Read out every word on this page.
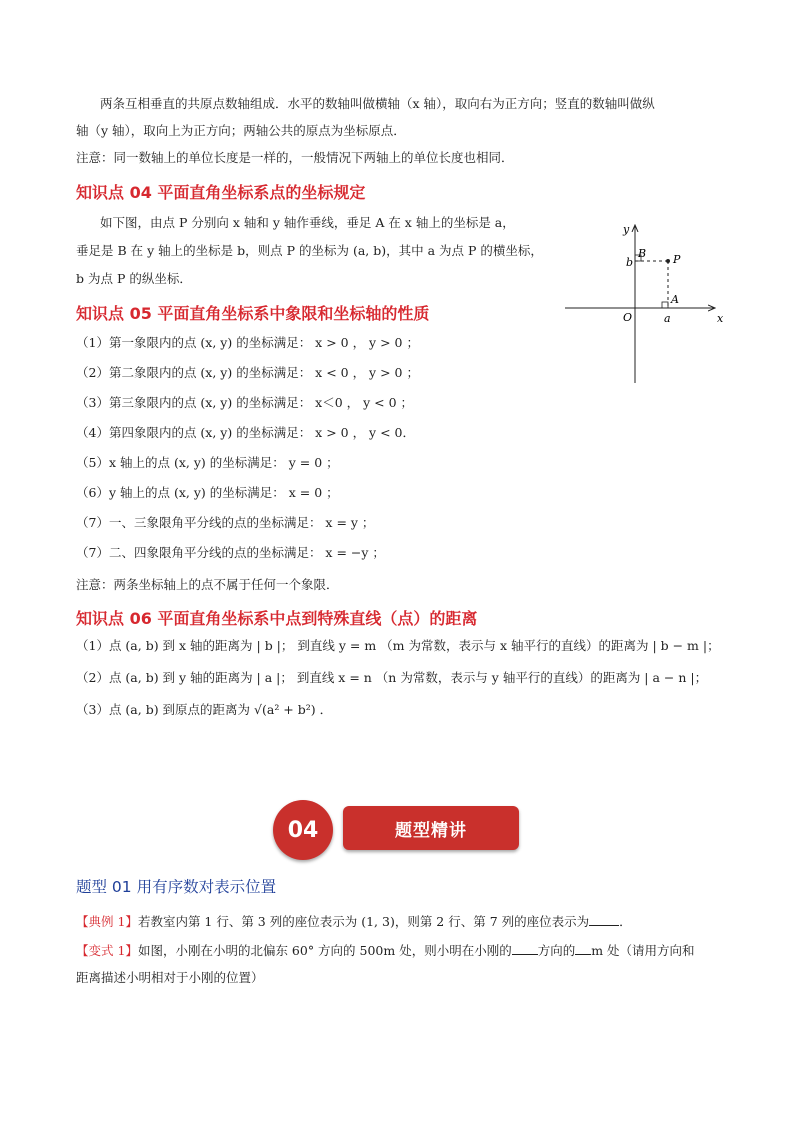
两条互相垂直的共原点数轴组成．水平的数轴叫做横轴（x 轴），取向右为正方向；竖直的数轴叫做纵
轴（y 轴），取向上为正方向；两轴公共的原点为坐标原点．
注意：同一数轴上的单位长度是一样的，一般情况下两轴上的单位长度也相同．
知识点 04 平面直角坐标系点的坐标规定
如下图，由点 P 分别向 x 轴和 y 轴作垂线，垂足 A 在 x 轴上的坐标是 a，
垂足是 B 在 y 轴上的坐标是 b，则点 P 的坐标为 (a, b)，其中 a 为点 P 的横坐标，
b 为点 P 的纵坐标．
y
x
O	a
b
A
B P
知识点 05 平面直角坐标系中象限和坐标轴的性质
（1）第一象限内的点 (x, y) 的坐标满足： x > 0 ， y > 0 ；
（2）第二象限内的点 (x, y) 的坐标满足： x < 0 ， y > 0 ；
（3）第三象限内的点 (x, y) 的坐标满足： x＜0 ， y < 0 ；
（4）第四象限内的点 (x, y) 的坐标满足： x > 0 ， y < 0．
（5）x 轴上的点 (x, y) 的坐标满足： y = 0 ；
（6）y 轴上的点 (x, y) 的坐标满足： x = 0 ；
（7）一、三象限角平分线的点的坐标满足： x = y ；
（7）二、四象限角平分线的点的坐标满足： x = −y ；
注意：两条坐标轴上的点不属于任何一个象限．
知识点 06 平面直角坐标系中点到特殊直线（点）的距离
（1）点 (a, b) 到 x 轴的距离为 | b |； 到直线 y = m （m 为常数，表示与 x 轴平行的直线）的距离为 | b − m |；
（2）点 (a, b) 到 y 轴的距离为 | a |； 到直线 x = n （n 为常数，表示与 y 轴平行的直线）的距离为 | a − n |；
（3）点 (a, b) 到原点的距离为 √(a² + b²) ．
04	题型精讲
题型 01 用有序数对表示位置
【典例 1】若教室内第 1 行、第 3 列的座位表示为 (1, 3)，则第 2 行、第 7 列的座位表示为 ．
【变式 1】如图，小刚在小明的北偏东 60° 方向的 500m 处，则小明在小刚的 方向的 m 处（请用方向和
距离描述小明相对于小刚的位置）
